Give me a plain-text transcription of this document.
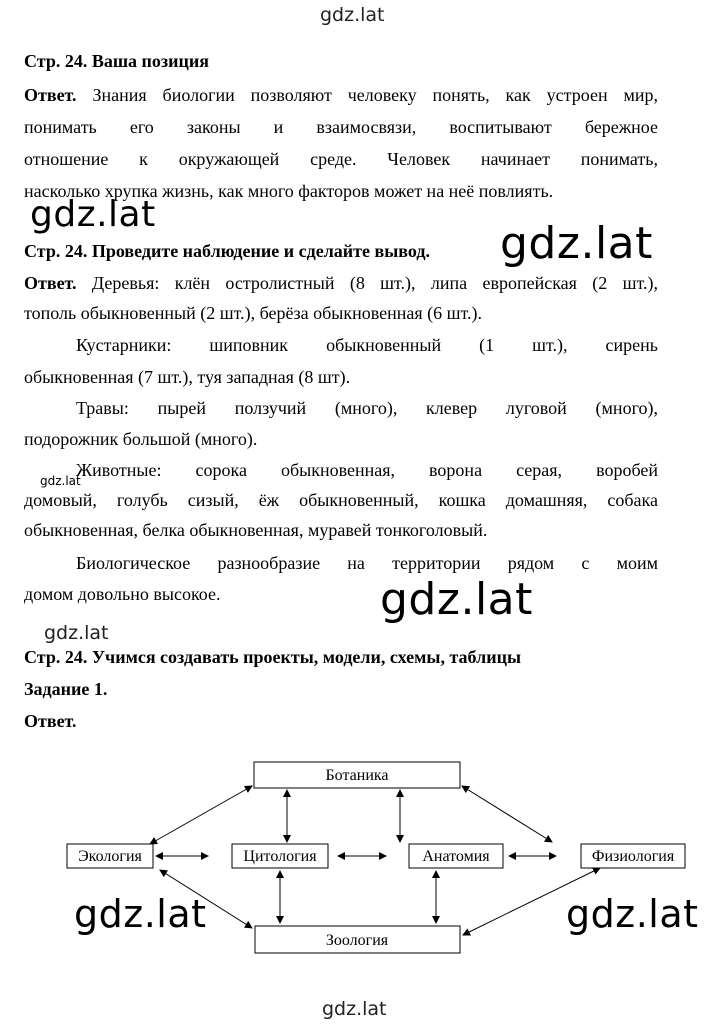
gdz.lat
Стр. 24. Ваша позиция
Ответ. Знания биологии позволяют человеку понять, как устроен мир,
понимать его законы и взаимосвязи, воспитывают бережное
отношение к окружающей среде. Человек начинает понимать,
насколько хрупка жизнь, как много факторов может на неё повлиять.
gdz.lat
Стр. 24. Проведите наблюдение и сделайте вывод. gdz.lat
Ответ. Деревья: клён остролистный (8 шт.), липа европейская (2 шт.),
тополь обыкновенный (2 шт.), берёза обыкновенная (6 шт.).
Кустарники: шиповник обыкновенный (1 шт.), сирень
обыкновенная (7 шт.), туя западная (8 шт).
Травы: пырей ползучий (много), клевер луговой (много),
подорожник большой (много).
Животные: сорока обыкновенная, ворона серая, воробей
gdz.lat
домовый, голубь сизый, ёж обыкновенный, кошка домашняя, собака
обыкновенная, белка обыкновенная, муравей тонкоголовый.
Биологическое разнообразие на территории рядом с моим
домом довольно высокое.	gdz.lat
gdz.lat
Стр. 24. Учимся создавать проекты, модели, схемы, таблицы
Задание 1.
Ответ.
Ботаника
Экология	Цитология	Анатомия	Физиология
Зоология
gdz.lat	gdz.lat
gdz.lat
